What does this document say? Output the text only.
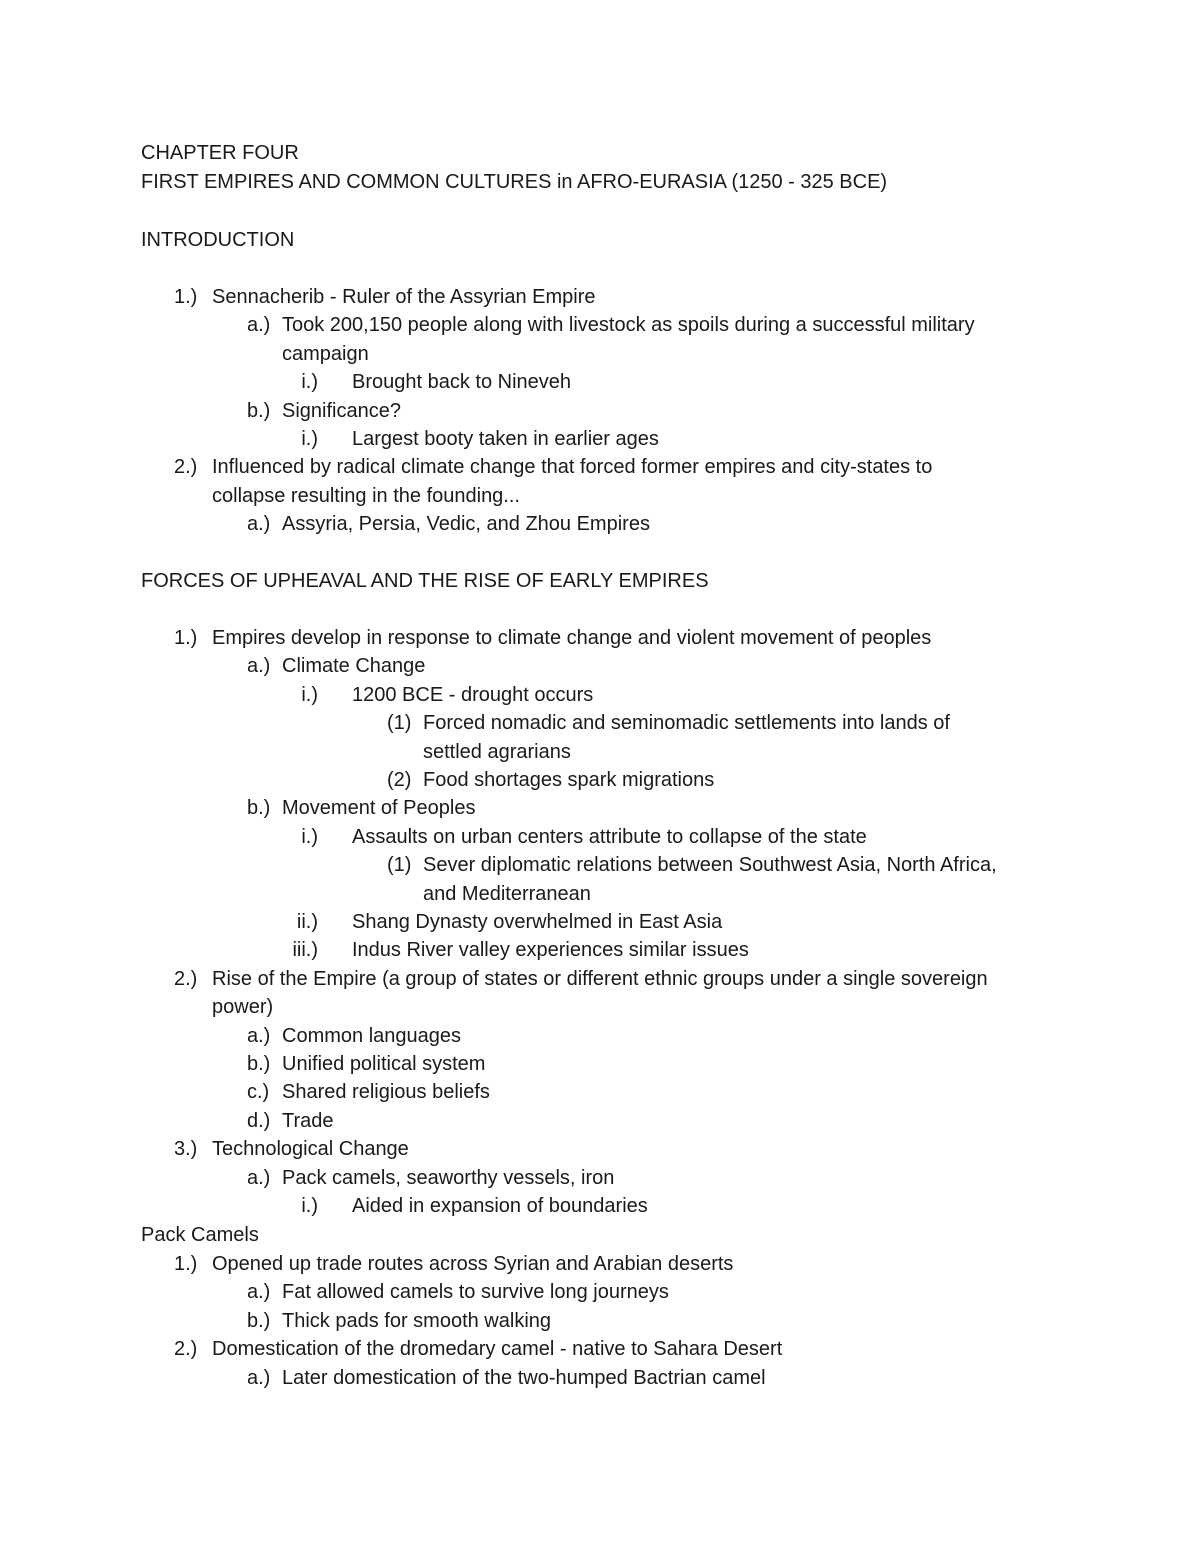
CHAPTER FOUR
FIRST EMPIRES AND COMMON CULTURES in AFRO-EURASIA (1250 - 325 BCE)
INTRODUCTION
1.) Sennacherib - Ruler of the Assyrian Empire
a.) Took 200,150 people along with livestock as spoils during a successful military
campaign
i.) Brought back to Nineveh
b.) Significance?
i.) Largest booty taken in earlier ages
2.) Influenced by radical climate change that forced former empires and city-states to
collapse resulting in the founding...
a.) Assyria, Persia, Vedic, and Zhou Empires
FORCES OF UPHEAVAL AND THE RISE OF EARLY EMPIRES
1.) Empires develop in response to climate change and violent movement of peoples
a.) Climate Change
i.) 1200 BCE - drought occurs
(1) Forced nomadic and seminomadic settlements into lands of
settled agrarians
(2) Food shortages spark migrations
b.) Movement of Peoples
i.) Assaults on urban centers attribute to collapse of the state
(1) Sever diplomatic relations between Southwest Asia, North Africa,
and Mediterranean
ii.) Shang Dynasty overwhelmed in East Asia
iii.) Indus River valley experiences similar issues
2.) Rise of the Empire (a group of states or different ethnic groups under a single sovereign
power)
a.) Common languages
b.) Unified political system
c.) Shared religious beliefs
d.) Trade
3.) Technological Change
a.) Pack camels, seaworthy vessels, iron
i.) Aided in expansion of boundaries
Pack Camels
1.) Opened up trade routes across Syrian and Arabian deserts
a.) Fat allowed camels to survive long journeys
b.) Thick pads for smooth walking
2.) Domestication of the dromedary camel - native to Sahara Desert
a.) Later domestication of the two-humped Bactrian camel
